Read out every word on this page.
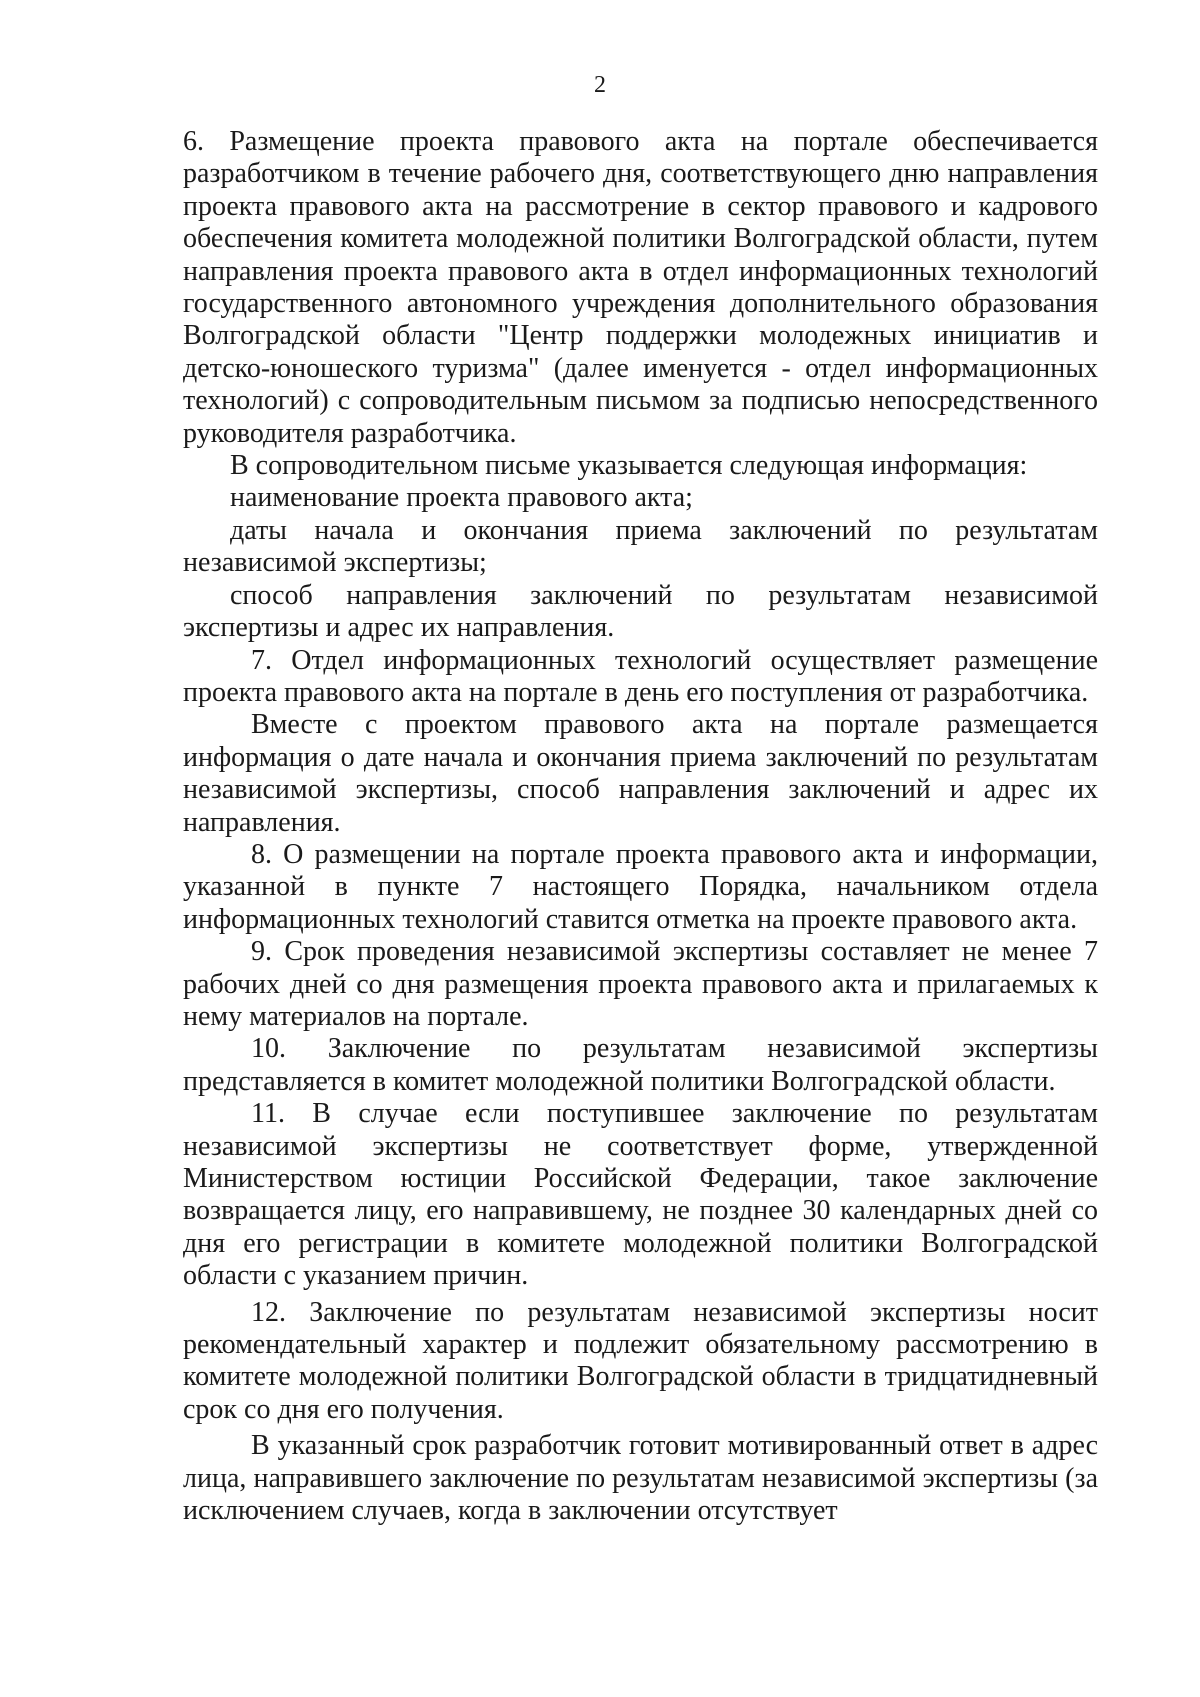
2

6. Размещение проекта правового акта на портале обеспечивается разработчиком в течение рабочего дня, соответствующего дню направления проекта правового акта на рассмотрение в сектор правового и кадрового обеспечения комитета молодежной политики Волгоградской области, путем направления проекта правового акта в отдел информационных технологий государственного автономного учреждения дополнительного образования Волгоградской области "Центр поддержки молодежных инициатив и детско-юношеского туризма" (далее именуется - отдел информационных технологий) с сопроводительным письмом за подписью непосредственного руководителя разработчика.

В сопроводительном письме указывается следующая информация:

наименование проекта правового акта;

даты начала и окончания приема заключений по результатам независимой экспертизы;

способ направления заключений по результатам независимой экспертизы и адрес их направления.

7. Отдел информационных технологий осуществляет размещение проекта правового акта на портале в день его поступления от разработчика.

Вместе с проектом правового акта на портале размещается информация о дате начала и окончания приема заключений по результатам независимой экспертизы, способ направления заключений и адрес их направления.

8. О размещении на портале проекта правового акта и информации, указанной в пункте 7 настоящего Порядка, начальником отдела информационных технологий ставится отметка на проекте правового акта.

9. Срок проведения независимой экспертизы составляет не менее 7 рабочих дней со дня размещения проекта правового акта и прилагаемых к нему материалов на портале.

10. Заключение по результатам независимой экспертизы представляется в комитет молодежной политики Волгоградской области.

11. В случае если поступившее заключение по результатам независимой экспертизы не соответствует форме, утвержденной Министерством юстиции Российской Федерации, такое заключение возвращается лицу, его направившему, не позднее 30 календарных дней со дня его регистрации в комитете молодежной политики Волгоградской области с указанием причин.

12. Заключение по результатам независимой экспертизы носит рекомендательный характер и подлежит обязательному рассмотрению в комитете молодежной политики Волгоградской области в тридцатидневный срок со дня его получения.

В указанный срок разработчик готовит мотивированный ответ в адрес лица, направившего заключение по результатам независимой экспертизы (за исключением случаев, когда в заключении отсутствует
